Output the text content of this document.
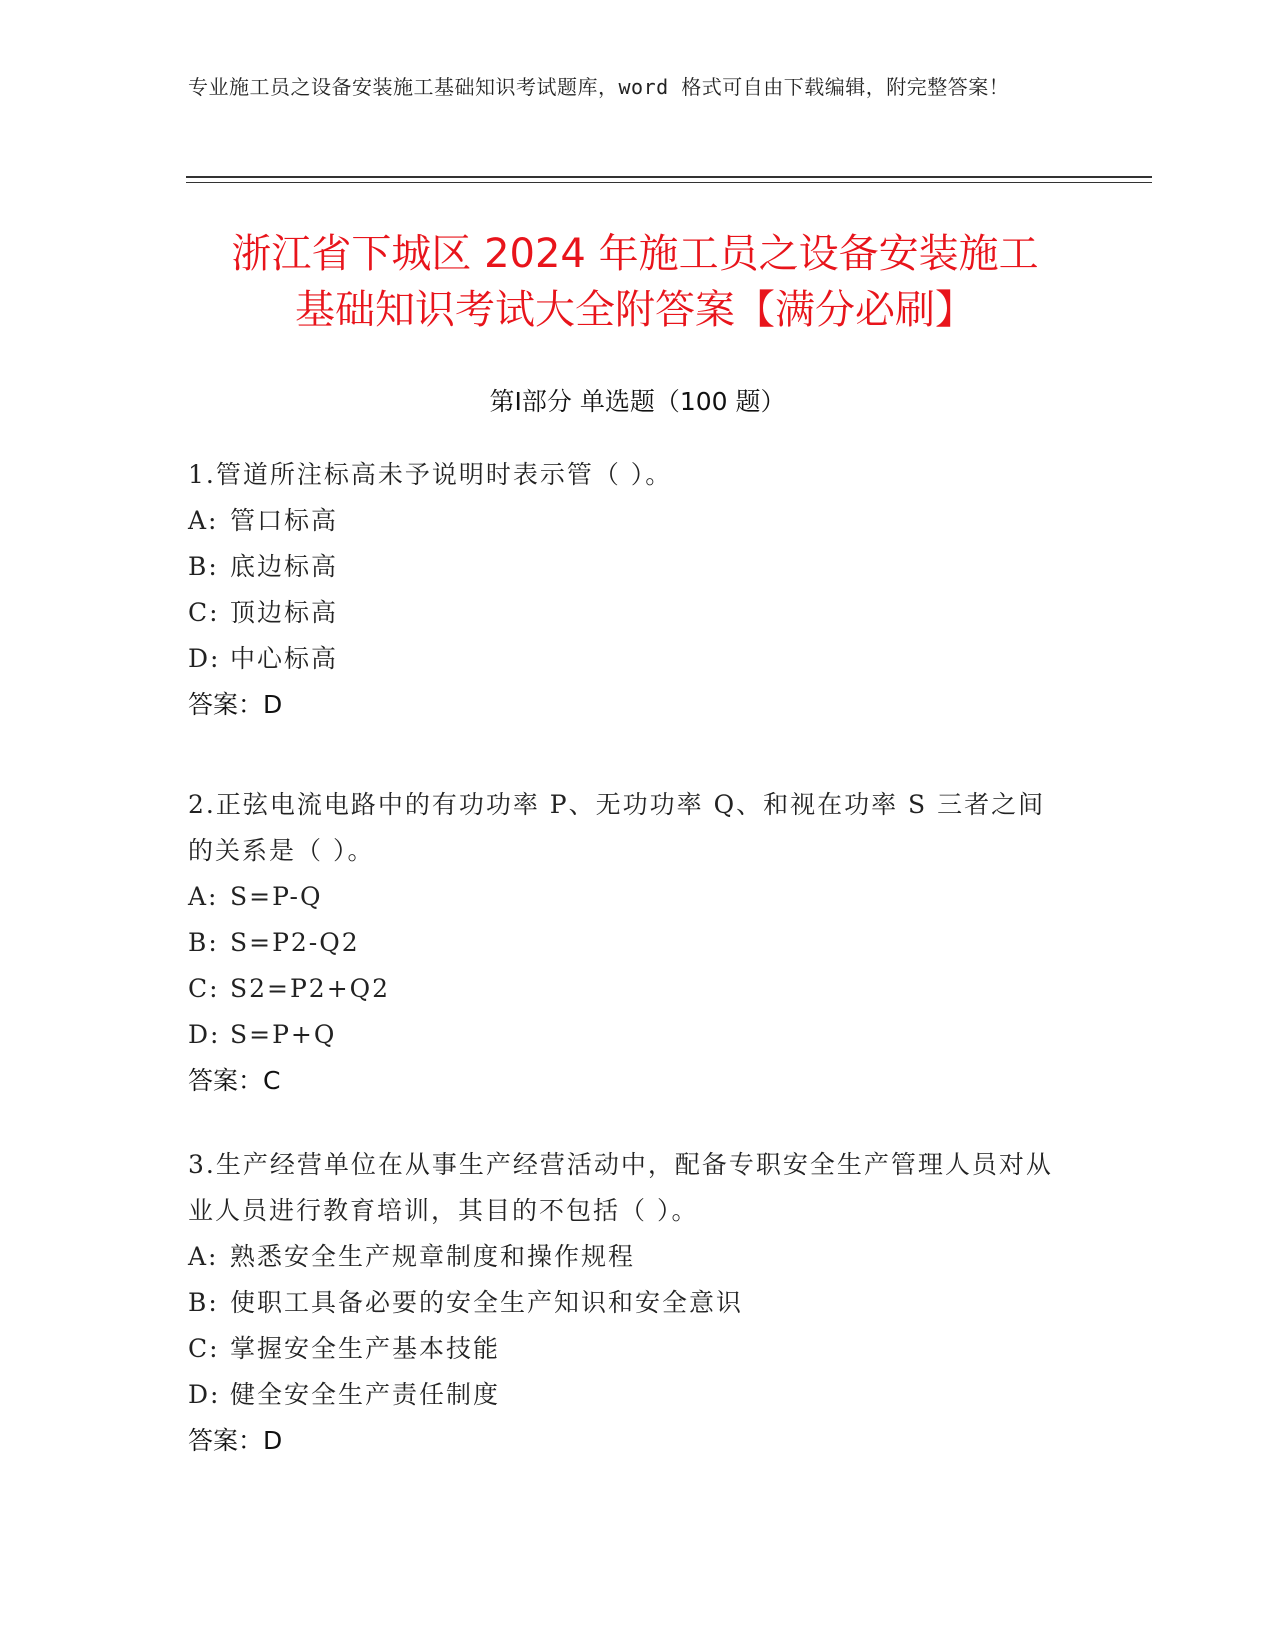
专业施工员之设备安装施工基础知识考试题库，word 格式可自由下载编辑，附完整答案！
浙江省下城区 2024 年施工员之设备安装施工
基础知识考试大全附答案【满分必刷】
第Ⅰ部分 单选题（100 题）

1.管道所注标高未予说明时表示管（ ）。

A: 管口标高

B: 底边标高

C: 顶边标高

D: 中心标高

答案：D

2.正弦电流电路中的有功功率 P、无功功率 Q、和视在功率 S 三者之间的关系是（ ）。

A: S=P-Q

B: S=P2-Q2

C: S2=P2+Q2

D: S=P+Q

答案：C

3.生产经营单位在从事生产经营活动中，配备专职安全生产管理人员对从业人员进行教育培训，其目的不包括（ ）。

A: 熟悉安全生产规章制度和操作规程

B: 使职工具备必要的安全生产知识和安全意识

C: 掌握安全生产基本技能

D: 健全安全生产责任制度

答案：D
